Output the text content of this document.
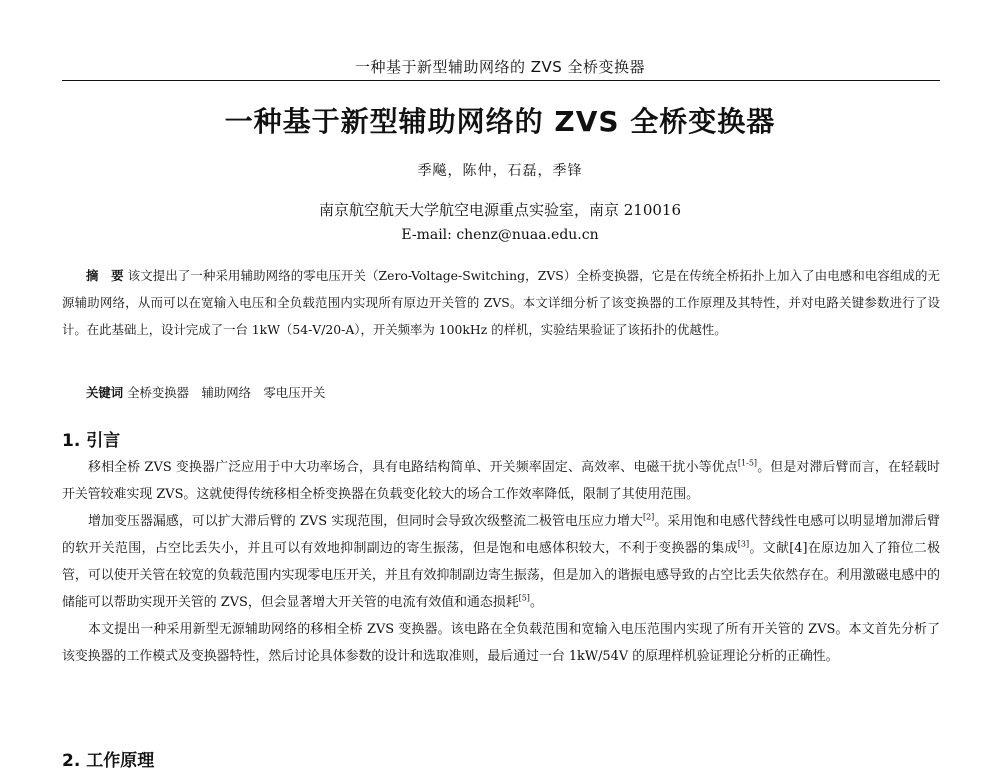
一种基于新型辅助网络的 ZVS 全桥变换器
一种基于新型辅助网络的 ZVS 全桥变换器
季飚，陈仲，石磊，季锋
南京航空航天大学航空电源重点实验室，南京 210016
E-mail: chenz@nuaa.edu.cn
摘　要 该文提出了一种采用辅助网络的零电压开关（Zero-Voltage-Switching，ZVS）全桥变换器，它是在传统全桥拓扑上加入了由电感和电容组成的无源辅助网络，从而可以在宽输入电压和全负载范围内实现所有原边开关管的 ZVS。本文详细分析了该变换器的工作原理及其特性，并对电路关键参数进行了设计。在此基础上，设计完成了一台 1kW（54-V/20-A），开关频率为 100kHz 的样机，实验结果验证了该拓扑的优越性。
关键词 全桥变换器　辅助网络　零电压开关
1. 引言

移相全桥 ZVS 变换器广泛应用于中大功率场合，具有电路结构简单、开关频率固定、高效率、电磁干扰小等优点[1-5]。但是对滞后臂而言，在轻载时开关管较难实现 ZVS。这就使得传统移相全桥变换器在负载变化较大的场合工作效率降低，限制了其使用范围。

增加变压器漏感，可以扩大滞后臂的 ZVS 实现范围，但同时会导致次级整流二极管电压应力增大[2]。采用饱和电感代替线性电感可以明显增加滞后臂的软开关范围，占空比丢失小，并且可以有效地抑制副边的寄生振荡，但是饱和电感体积较大，不利于变换器的集成[3]。文献[4]在原边加入了箝位二极管，可以使开关管在较宽的负载范围内实现零电压开关，并且有效抑制副边寄生振荡，但是加入的谐振电感导致的占空比丢失依然存在。利用激磁电感中的储能可以帮助实现开关管的 ZVS，但会显著增大开关管的电流有效值和通态损耗[5]。

本文提出一种采用新型无源辅助网络的移相全桥 ZVS 变换器。该电路在全负载范围和宽输入电压范围内实现了所有开关管的 ZVS。本文首先分析了该变换器的工作模式及变换器特性，然后讨论具体参数的设计和选取准则，最后通过一台 1kW/54V 的原理样机验证理论分析的正确性。

2. 工作原理
